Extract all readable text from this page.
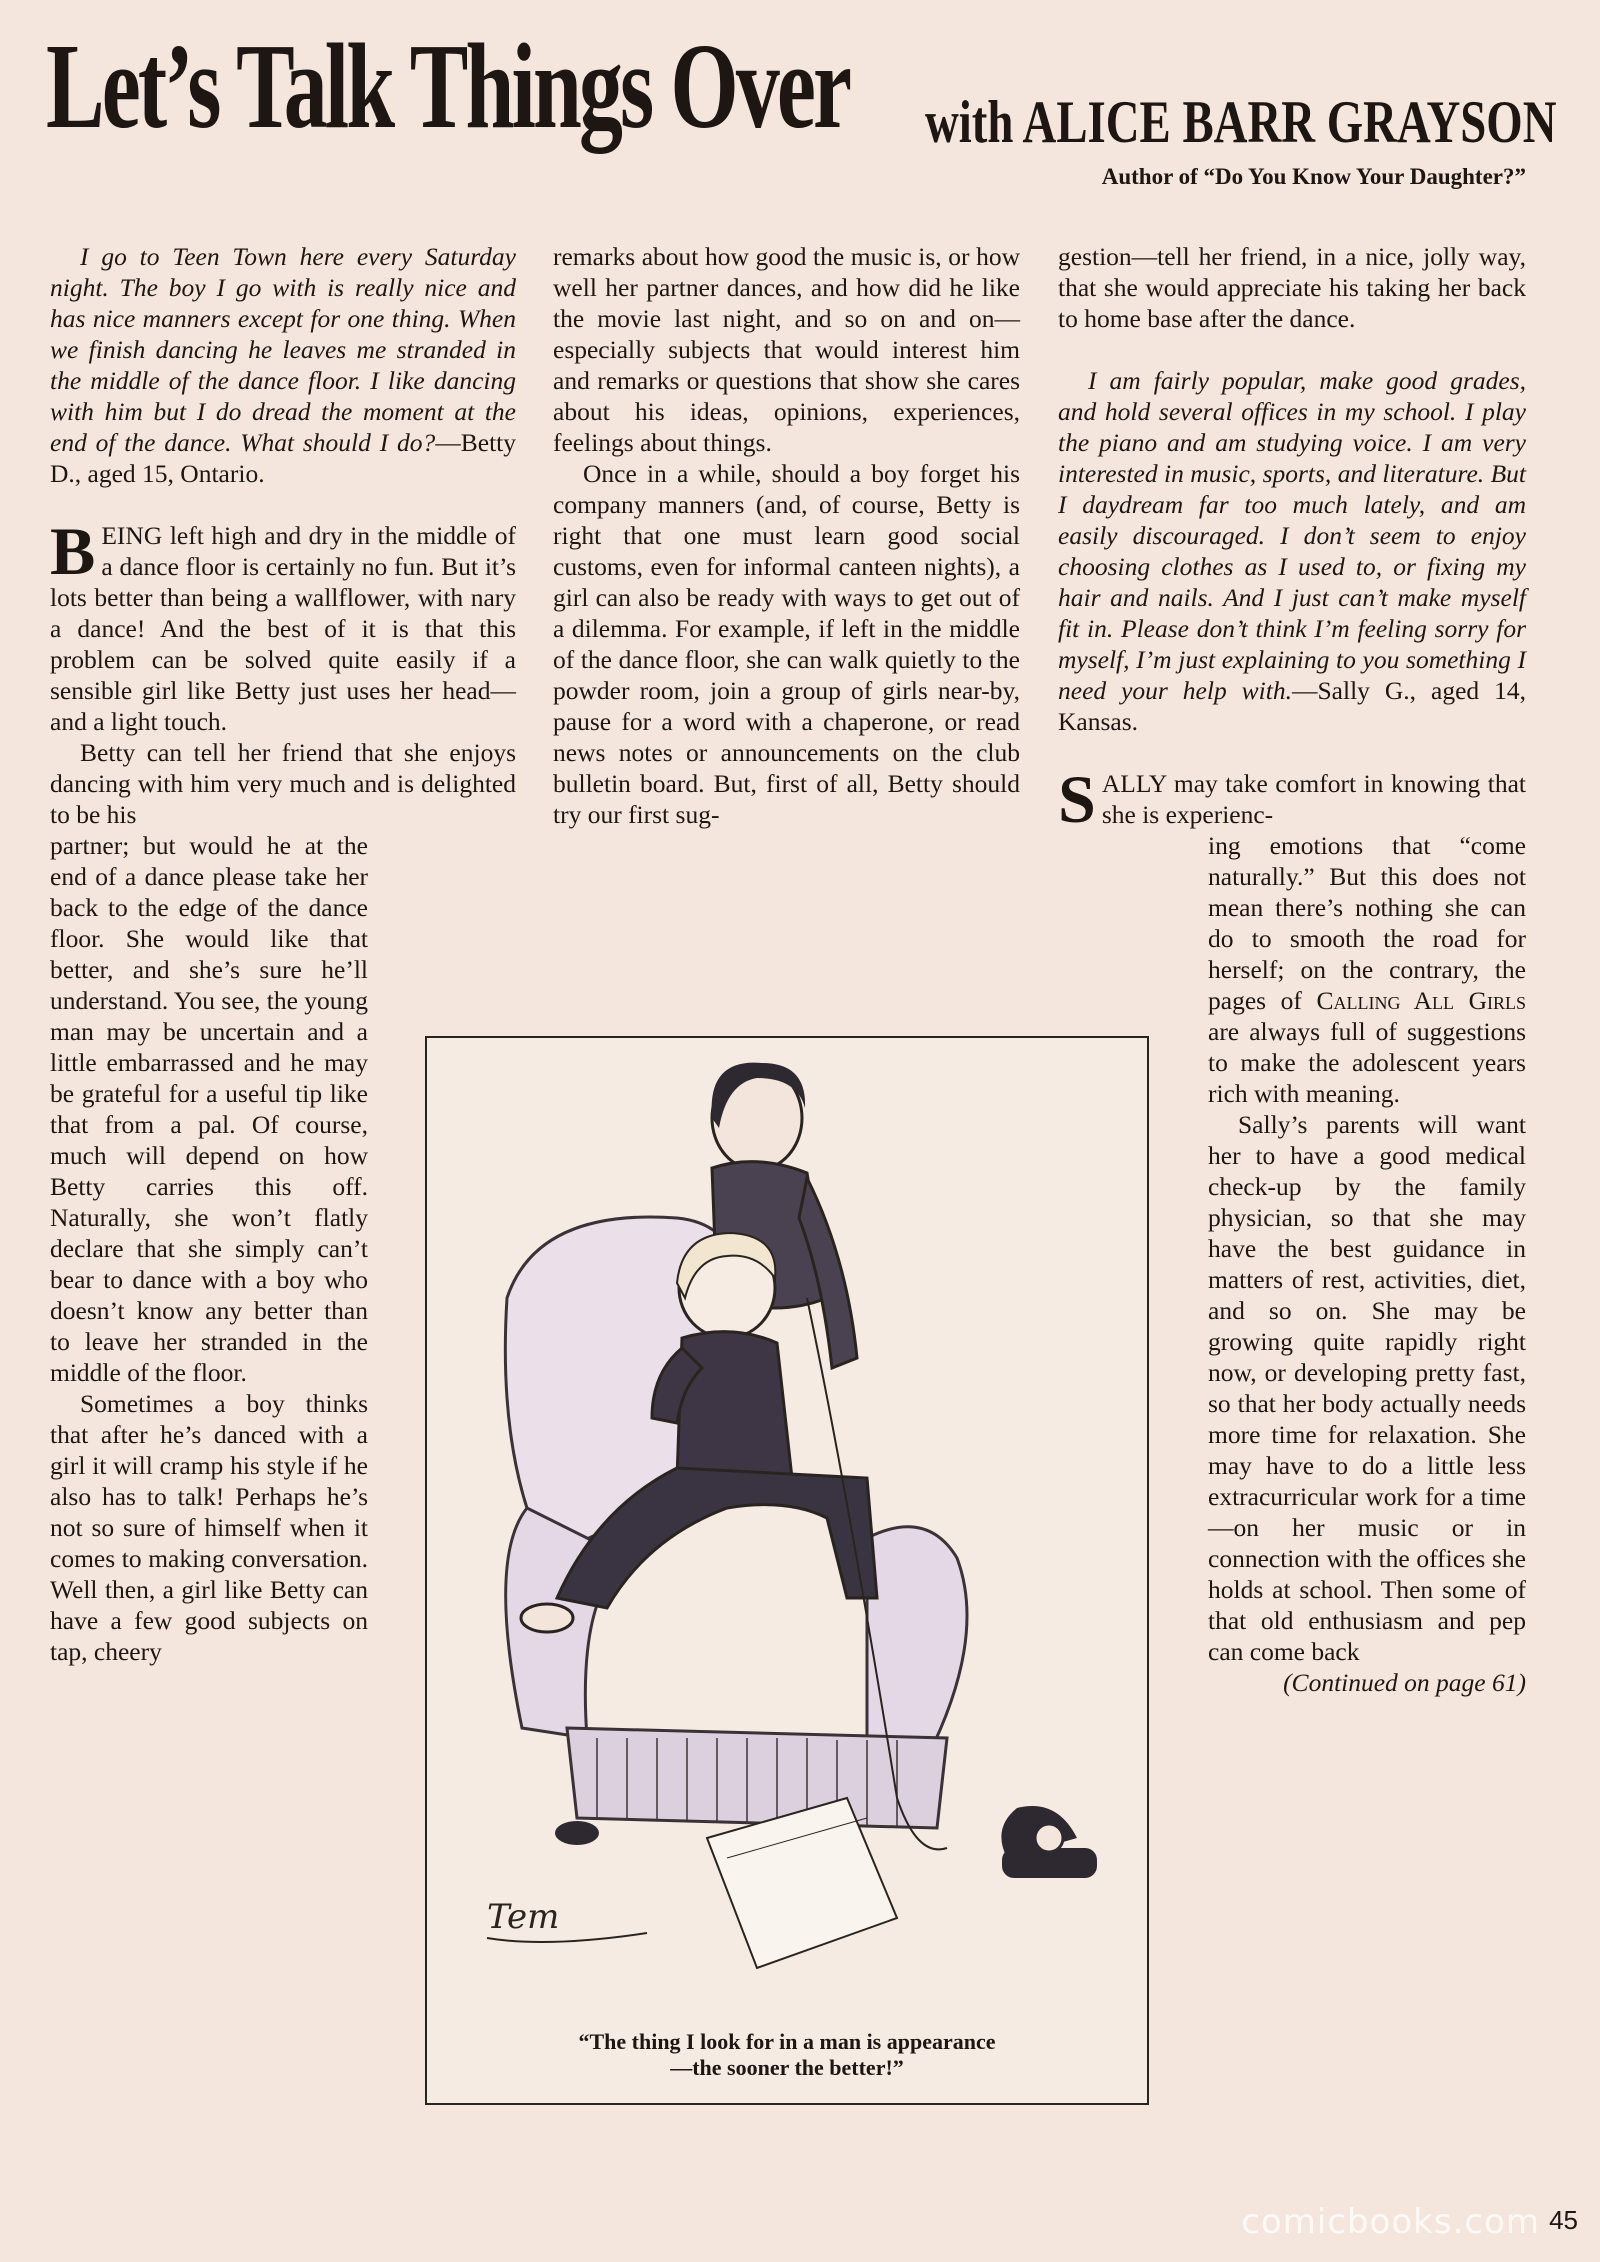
Let’s Talk Things Over with ALICE BARR GRAYSON
Author of “Do You Know Your Daughter?”

I go to Teen Town here every Saturday night. The boy I go with is really nice and has nice manners except for one thing. When we finish dancing he leaves me stranded in the middle of the dance floor. I like dancing with him but I do dread the moment at the end of the dance. What should I do?—Betty D., aged 15, Ontario.

BEING left high and dry in the middle of a dance floor is certainly no fun. But it’s lots better than being a wallflower, with nary a dance! And the best of it is that this problem can be solved quite easily if a sensible girl like Betty just uses her head—and a light touch.

Betty can tell her friend that she enjoys dancing with him very much and is delighted to be his

partner; but would he at the end of a dance please take her back to the edge of the dance floor. She would like that better, and she’s sure he’ll understand. You see, the young man may be uncertain and a little embarrassed and he may be grateful for a useful tip like that from a pal. Of course, much will depend on how Betty carries this off. Naturally, she won’t flatly declare that she simply can’t bear to dance with a boy who doesn’t know any better than to leave her stranded in the middle of the floor.

Sometimes a boy thinks that after he’s danced with a girl it will cramp his style if he also has to talk! Perhaps he’s not so sure of himself when it comes to making conversation. Well then, a girl like Betty can have a few good subjects on tap, cheery

remarks about how good the music is, or how well her partner dances, and how did he like the movie last night, and so on and on—especially subjects that would interest him and remarks or questions that show she cares about his ideas, opinions, experiences, feelings about things.

Once in a while, should a boy forget his company manners (and, of course, Betty is right that one must learn good social customs, even for informal canteen nights), a girl can also be ready with ways to get out of a dilemma. For example, if left in the middle of the dance floor, she can walk quietly to the powder room, join a group of girls near-by, pause for a word with a chaperone, or read news notes or announcements on the club bulletin board. But, first of all, Betty should try our first sug-

gestion—tell her friend, in a nice, jolly way, that she would appreciate his taking her back to home base after the dance.

I am fairly popular, make good grades, and hold several offices in my school. I play the piano and am studying voice. I am very interested in music, sports, and literature. But I daydream far too much lately, and am easily discouraged. I don’t seem to enjoy choosing clothes as I used to, or fixing my hair and nails. And I just can’t make myself fit in. Please don’t think I’m feeling sorry for myself, I’m just explaining to you something I need your help with.—Sally G., aged 14, Kansas.

SALLY may take comfort in knowing that she is experienc-

ing emotions that “come naturally.” But this does not mean there’s nothing she can do to smooth the road for herself; on the contrary, the pages of Calling All Girls are always full of suggestions to make the adolescent years rich with meaning.

Sally’s parents will want her to have a good medical check-up by the family physician, so that she may have the best guidance in matters of rest, activities, diet, and so on. She may be growing quite rapidly right now, or developing pretty fast, so that her body actually needs more time for relaxation. She may have to do a little less extracurricular work for a time—on her music or in connection with the offices she holds at school. Then some of that old enthusiasm and pep can come back

(Continued on page 61)

Tem
“The thing I look for in a man is appearance
—the sooner the better!”
comicbooks.com 45
